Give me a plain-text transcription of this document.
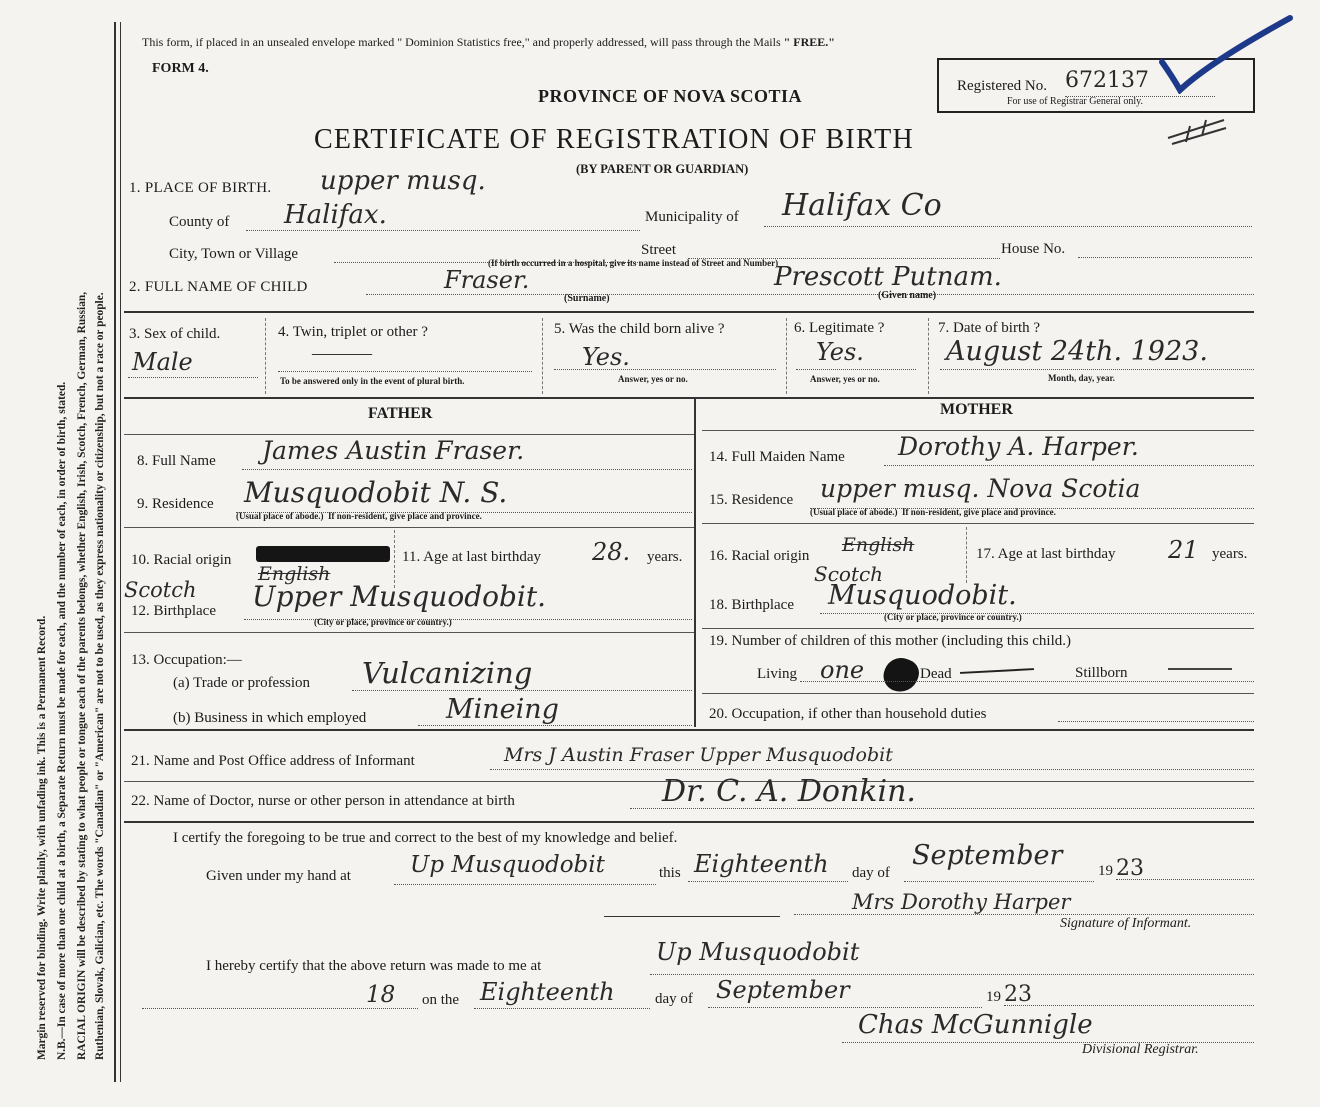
Margin reserved for binding. Write plainly, with unfading ink. This is a Permanent Record. N.B.—In case of more than one child at a birth, a Separate Return must be made for each, and the number of each, in order of birth, stated. RACIAL ORIGIN will be described by stating to what people or tongue each of the parents belongs, whether English, Irish, Scotch, French, German, Russian, Ruthenian, Slovak, Galician, etc. The words "Canadian" or "American" are not to be used, as they express nationality or citizenship, but not a race or people.
This form, if placed in an unsealed envelope marked " Dominion Statistics free," and properly addressed, will pass through the Mails " FREE."
FORM 4.
PROVINCE OF NOVA SCOTIA
CERTIFICATE OF REGISTRATION OF BIRTH
(BY PARENT OR GUARDIAN)
Registered No. 672137
For use of Registrar General only.
1. PLACE OF BIRTH. upper musq.
County of Halifax.	Municipality of Halifax Co
City, Town or Village	Street	House No.
(If birth occurred in a hospital, give its name instead of Street and Number)
2. FULL NAME OF CHILD	Fraser.	Prescott Putnam.
(Surname)	(Given name)
3. Sex of child.
Male
4. Twin, triplet or other ?
———
To be answered only in the event of plural birth.
5. Was the child born alive ?
Yes.
Answer, yes or no.
6. Legitimate ?
Yes.
Answer, yes or no.
7. Date of birth ?
August 24th. 1923.
Month, day, year.
FATHER	MOTHER
8. Full Name James Austin Fraser.
9. Residence Musquodobit N. S.
(Usual place of abode.) If non-resident, give place and province.
10. Racial origin
English
Scotch
11. Age at last birthday 28. years.
12. Birthplace Upper Musquodobit.
(City or place, province or country.)
13. Occupation:—
(a) Trade or profession Vulcanizing
(b) Business in which employed	Mineing
14. Full Maiden Name Dorothy A. Harper.
15. Residence upper musq. Nova Scotia
(Usual place of abode.) If non-resident, give place and province.
16. Racial origin English
Scotch
17. Age at last birthday 21 years.
18. Birthplace Musquodobit.
(City or place, province or country.)
19. Number of children of this mother (including this child.)
Living one	Dead	Stillborn
20. Occupation, if other than household duties
21. Name and Post Office address of Informant	Mrs J Austin Fraser Upper Musquodobit
22. Name of Doctor, nurse or other person in attendance at birth	Dr. C. A. Donkin.
I certify the foregoing to be true and correct to the best of my knowledge and belief.
Given under my hand at	Up Musquodobit	this Eighteenth day of
September 19 23
Mrs Dorothy Harper
Signature of Informant.
I hereby certify that the above return was made to me at	Up Musquodobit
18 on the Eighteenth	day of September	19 23
Chas McGunnigle
Divisional Registrar.
